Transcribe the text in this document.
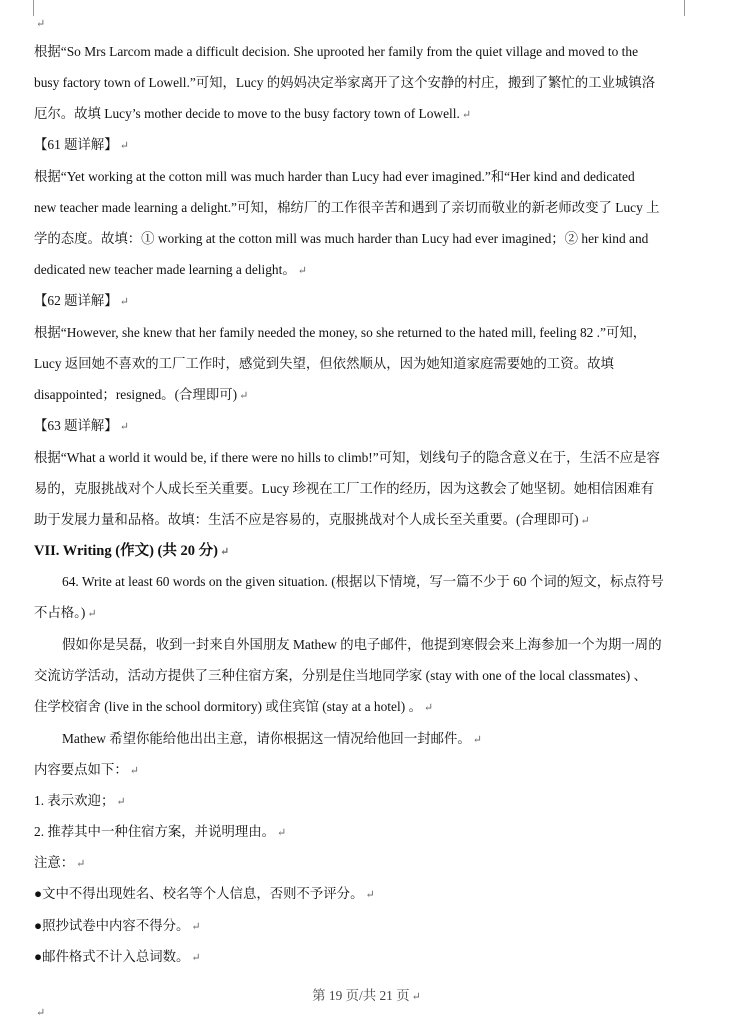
↵
根据“So Mrs Larcom made a difficult decision. She uprooted her family from the quiet village and moved to the
busy factory town of Lowell.”可知，Lucy 的妈妈决定举家离开了这个安静的村庄，搬到了繁忙的工业城镇洛
厄尔。故填 Lucy’s mother decide to move to the busy factory town of Lowell. ↵
【61 题详解】 ↵
根据“Yet working at the cotton mill was much harder than Lucy had ever imagined.”和“Her kind and dedicated
new teacher made learning a delight.”可知，棉纺厂的工作很辛苦和遇到了亲切而敬业的新老师改变了 Lucy 上
学的态度。故填：① working at the cotton mill was much harder than Lucy had ever imagined；② her kind and
dedicated new teacher made learning a delight。 ↵
【62 题详解】 ↵
根据“However, she knew that her family needed the money, so she returned to the hated mill, feeling 82 .”可知，
Lucy 返回她不喜欢的工厂工作时，感觉到失望，但依然顺从，因为她知道家庭需要她的工资。故填
disappointed；resigned。(合理即可) ↵
【63 题详解】 ↵
根据“What a world it would be, if there were no hills to climb!”可知，划线句子的隐含意义在于，生活不应是容
易的，克服挑战对个人成长至关重要。Lucy 珍视在工厂工作的经历，因为这教会了她坚韧。她相信困难有
助于发展力量和品格。故填：生活不应是容易的，克服挑战对个人成长至关重要。(合理即可) ↵
VII. Writing (作文) (共 20 分) ↵
64. Write at least 60 words on the given situation. (根据以下情境，写一篇不少于 60 个词的短文，标点符号
不占格。) ↵
假如你是吴磊，收到一封来自外国朋友 Mathew 的电子邮件，他提到寒假会来上海参加一个为期一周的
交流访学活动，活动方提供了三种住宿方案，分别是住当地同学家 (stay with one of the local classmates) 、
住学校宿舍 (live in the school dormitory) 或住宾馆 (stay at a hotel) 。 ↵
Mathew 希望你能给他出出主意，请你根据这一情况给他回一封邮件。 ↵
内容要点如下： ↵
1. 表示欢迎； ↵
2. 推荐其中一种住宿方案，并说明理由。 ↵
注意： ↵
●文中不得出现姓名、校名等个人信息，否则不予评分。 ↵
●照抄试卷中内容不得分。 ↵
●邮件格式不计入总词数。 ↵
第 19 页/共 21 页 ↵
↵
